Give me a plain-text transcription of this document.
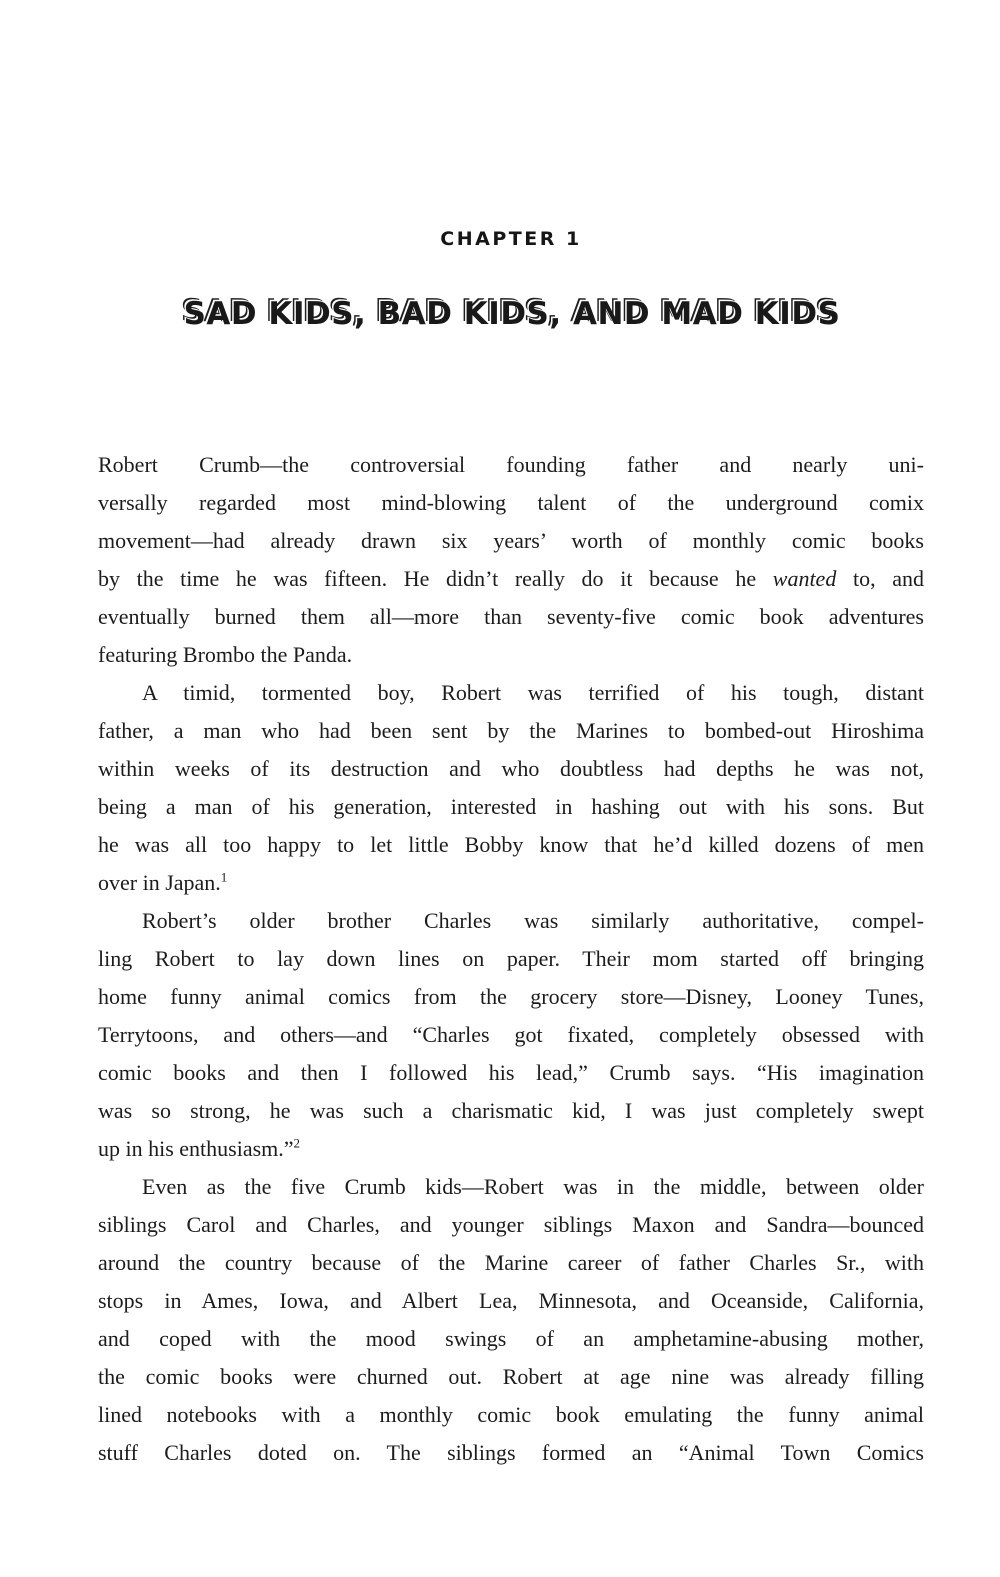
CHAPTER 1
SAD KIDS, BAD KIDS, AND MAD KIDS
Robert Crumb—the controversial founding father and nearly uni-
versally regarded most mind-blowing talent of the underground comix
movement—had already drawn six years’ worth of monthly comic books
by the time he was fifteen. He didn’t really do it because he wanted to, and
eventually burned them all—more than seventy-five comic book adventures
featuring Brombo the Panda.
A timid, tormented boy, Robert was terrified of his tough, distant
father, a man who had been sent by the Marines to bombed-out Hiroshima
within weeks of its destruction and who doubtless had depths he was not,
being a man of his generation, interested in hashing out with his sons. But
he was all too happy to let little Bobby know that he’d killed dozens of men
over in Japan.$^1$
Robert’s older brother Charles was similarly authoritative, compel-
ling Robert to lay down lines on paper. Their mom started off bringing
home funny animal comics from the grocery store—Disney, Looney Tunes,
Terrytoons, and others—and “Charles got fixated, completely obsessed with
comic books and then I followed his lead,” Crumb says. “His imagination
was so strong, he was such a charismatic kid, I was just completely swept
up in his enthusiasm.”$^2$
Even as the five Crumb kids—Robert was in the middle, between older
siblings Carol and Charles, and younger siblings Maxon and Sandra—bounced
around the country because of the Marine career of father Charles Sr., with
stops in Ames, Iowa, and Albert Lea, Minnesota, and Oceanside, California,
and coped with the mood swings of an amphetamine-abusing mother,
the comic books were churned out. Robert at age nine was already filling
lined notebooks with a monthly comic book emulating the funny animal
stuff Charles doted on. The siblings formed an “Animal Town Comics
